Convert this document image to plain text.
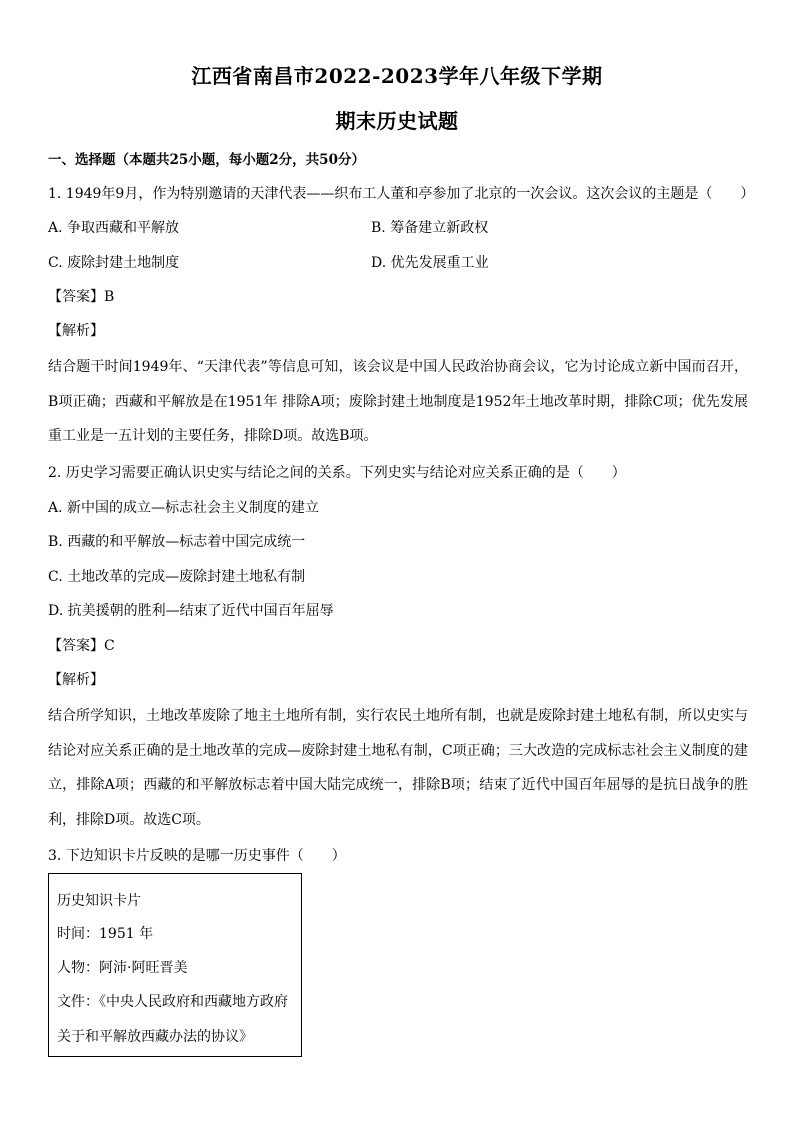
江西省南昌市2022-2023学年八年级下学期
期末历史试题
一、选择题（本题共25小题，每小题2分，共50分）
1. 1949年9月，作为特别邀请的天津代表——织布工人董和亭参加了北京的一次会议。这次会议的主题是（　　）
A. 争取西藏和平解放	B. 筹备建立新政权
C. 废除封建土地制度	D. 优先发展重工业
【答案】B
【解析】
结合题干时间1949年、“天津代表”等信息可知，该会议是中国人民政治协商会议，它为讨论成立新中国而召开，B项正确；西藏和平解放是在1951年 排除A项；废除封建土地制度是1952年土地改革时期，排除C项；优先发展重工业是一五计划的主要任务，排除D项。故选B项。
2. 历史学习需要正确认识史实与结论之间的关系。下列史实与结论对应关系正确的是（　　）
A. 新中国的成立—标志社会主义制度的建立
B. 西藏的和平解放—标志着中国完成统一
C. 土地改革的完成—废除封建土地私有制
D. 抗美援朝的胜利—结束了近代中国百年屈辱
【答案】C
【解析】
结合所学知识，土地改革废除了地主土地所有制，实行农民土地所有制，也就是废除封建土地私有制，所以史实与结论对应关系正确的是土地改革的完成—废除封建土地私有制，C项正确；三大改造的完成标志社会主义制度的建立，排除A项；西藏的和平解放标志着中国大陆完成统一，排除B项；结束了近代中国百年屈辱的是抗日战争的胜利，排除D项。故选C项。
3. 下边知识卡片反映的是哪一历史事件（　　）
历史知识卡片
时间：1951 年
人物：阿沛·阿旺晋美
文件：《中央人民政府和西藏地方政府
关于和平解放西藏办法的协议》
